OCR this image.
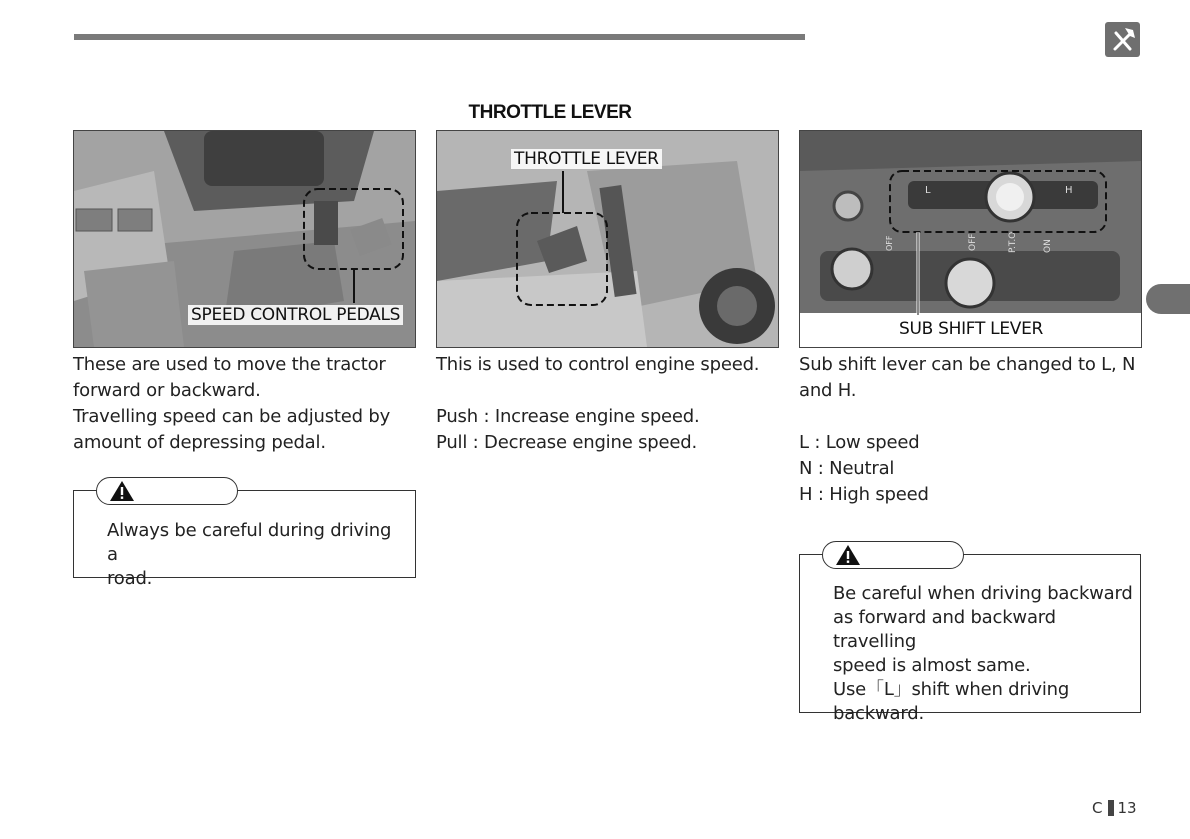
THROTTLE LEVER
SPEED CONTROL PEDALS
THROTTLE LEVER
L	H
OFF	P.T.O	ON
OFF
SUB SHIFT LEVER

These are used to move the tractor

forward or backward.

Travelling speed can be adjusted by

amount of depressing pedal.

Always be careful during driving a

road.

This is used to control engine speed.

Push : Increase engine speed.

Pull : Decrease engine speed.

Sub shift lever can be changed to L, N

and H.

L : Low speed

N : Neutral

H : High speed

Be careful when driving backward

as forward and backward travelling

speed is almost same.

Use「L」shift when driving

backward.

C 13
